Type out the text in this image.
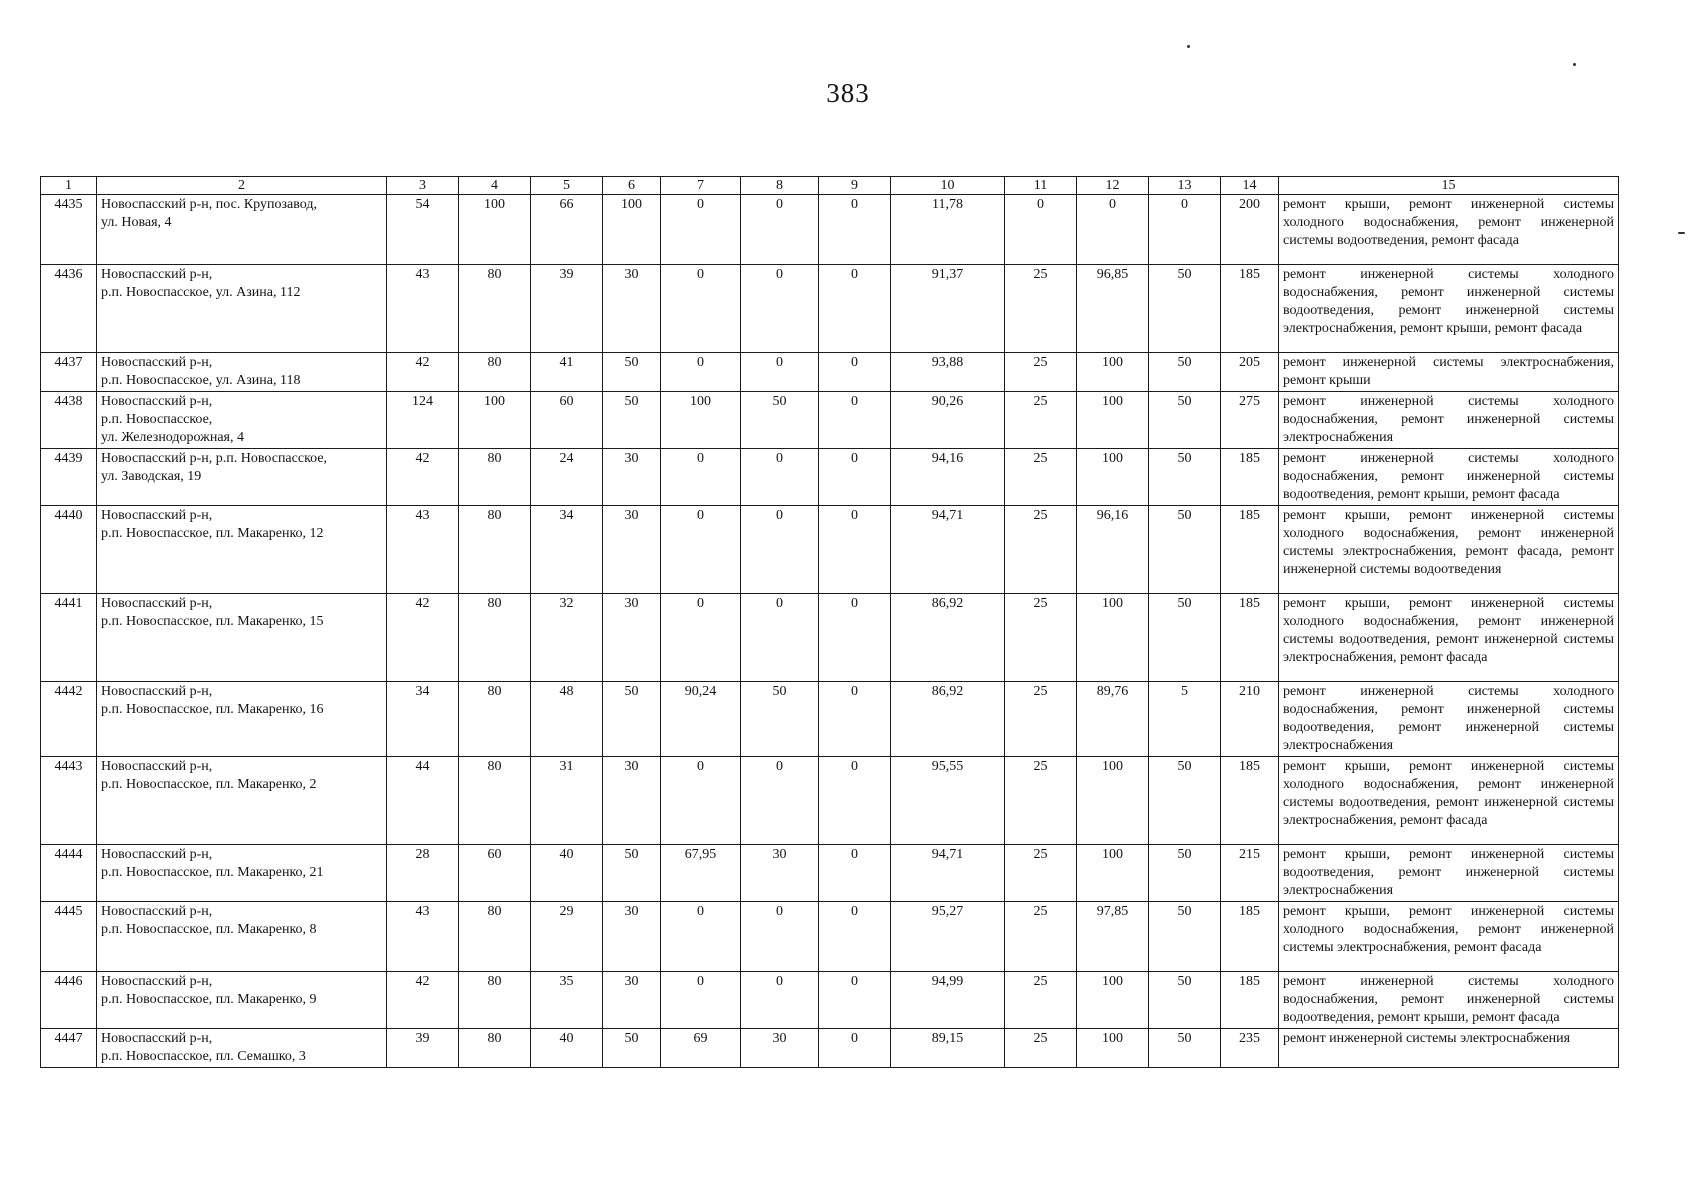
383
1	2	3	4	5	6	7	8	9	10	11	12	13	14	15
4435	Новоспасский р-н, пос. Крупозавод,
ул. Новая, 4	54	100	66	100	0	0	0	11,78	0	0	0	200	ремонт крыши, ремонт инженерной системы холодного водоснабжения, ремонт инженерной системы водоотведения, ремонт фасада
4436	Новоспасский р-н,
р.п. Новоспасское, ул. Азина, 112	43	80	39	30	0	0	0	91,37	25	96,85	50	185	ремонт инженерной системы холодного водоснабжения, ремонт инженерной системы водоотведения, ремонт инженерной системы электроснабжения, ремонт крыши, ремонт фасада
4437	Новоспасский р-н,
р.п. Новоспасское, ул. Азина, 118	42	80	41	50	0	0	0	93,88	25	100	50	205	ремонт инженерной системы электроснабжения, ремонт крыши
4438	Новоспасский р-н,
р.п. Новоспасское,
ул. Железнодорожная, 4	124	100	60	50	100	50	0	90,26	25	100	50	275	ремонт инженерной системы холодного водоснабжения, ремонт инженерной системы электроснабжения
4439	Новоспасский р-н, р.п. Новоспасское,
ул. Заводская, 19	42	80	24	30	0	0	0	94,16	25	100	50	185	ремонт инженерной системы холодного водоснабжения, ремонт инженерной системы водоотведения, ремонт крыши, ремонт фасада
4440	Новоспасский р-н,
р.п. Новоспасское, пл. Макаренко, 12	43	80	34	30	0	0	0	94,71	25	96,16	50	185	ремонт крыши, ремонт инженерной системы холодного водоснабжения, ремонт инженерной системы электроснабжения, ремонт фасада, ремонт инженерной системы водоотведения
4441	Новоспасский р-н,
р.п. Новоспасское, пл. Макаренко, 15	42	80	32	30	0	0	0	86,92	25	100	50	185	ремонт крыши, ремонт инженерной системы холодного водоснабжения, ремонт инженерной системы водоотведения, ремонт инженерной системы электроснабжения, ремонт фасада
4442	Новоспасский р-н,
р.п. Новоспасское, пл. Макаренко, 16	34	80	48	50	90,24	50	0	86,92	25	89,76	5	210	ремонт инженерной системы холодного водоснабжения, ремонт инженерной системы водоотведения, ремонт инженерной системы электроснабжения
4443	Новоспасский р-н,
р.п. Новоспасское, пл. Макаренко, 2	44	80	31	30	0	0	0	95,55	25	100	50	185	ремонт крыши, ремонт инженерной системы холодного водоснабжения, ремонт инженерной системы водоотведения, ремонт инженерной системы электроснабжения, ремонт фасада
4444	Новоспасский р-н,
р.п. Новоспасское, пл. Макаренко, 21	28	60	40	50	67,95	30	0	94,71	25	100	50	215	ремонт крыши, ремонт инженерной системы водоотведения, ремонт инженерной системы электроснабжения
4445	Новоспасский р-н,
р.п. Новоспасское, пл. Макаренко, 8	43	80	29	30	0	0	0	95,27	25	97,85	50	185	ремонт крыши, ремонт инженерной системы холодного водоснабжения, ремонт инженерной системы электроснабжения, ремонт фасада
4446	Новоспасский р-н,
р.п. Новоспасское, пл. Макаренко, 9	42	80	35	30	0	0	0	94,99	25	100	50	185	ремонт инженерной системы холодного водоснабжения, ремонт инженерной системы водоотведения, ремонт крыши, ремонт фасада
4447	Новоспасский р-н,
р.п. Новоспасское, пл. Семашко, 3	39	80	40	50	69	30	0	89,15	25	100	50	235	ремонт инженерной системы электроснабжения
